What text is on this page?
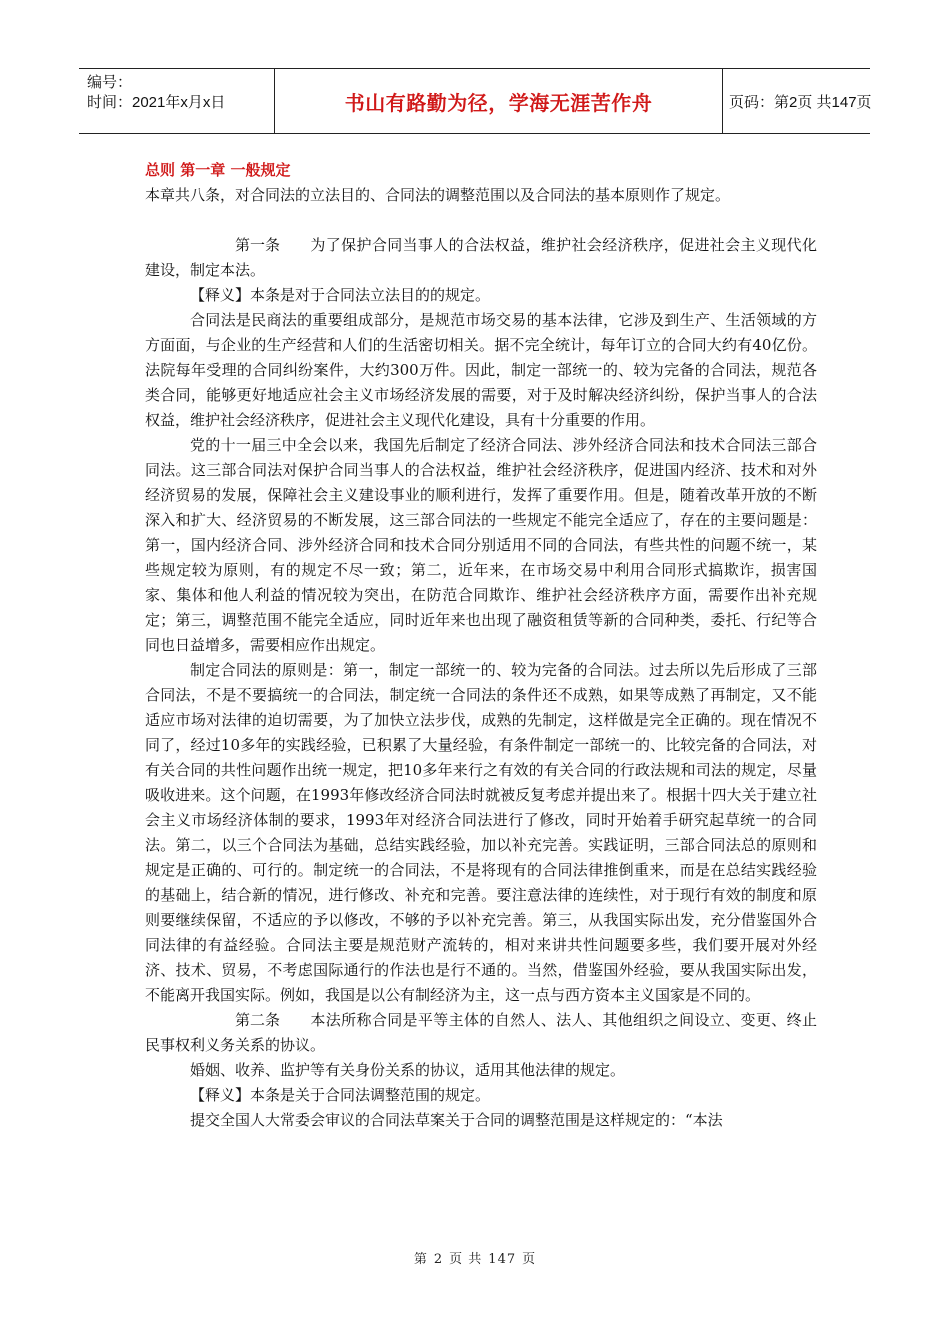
编号：
时间：2021年x月x日	书山有路勤为径，学海无涯苦作舟	页码：第2页 共147页

总则 第一章 一般规定

本章共八条，对合同法的立法目的、合同法的调整范围以及合同法的基本原则作了规定。

第一条 为了保护合同当事人的合法权益，维护社会经济秩序，促进社会主义现代化建设，制定本法。

【释义】本条是对于合同法立法目的的规定。

合同法是民商法的重要组成部分，是规范市场交易的基本法律，它涉及到生产、生活领域的方方面面，与企业的生产经营和人们的生活密切相关。据不完全统计，每年订立的合同大约有40亿份。法院每年受理的合同纠纷案件，大约300万件。因此，制定一部统一的、较为完备的合同法，规范各类合同，能够更好地适应社会主义市场经济发展的需要，对于及时解决经济纠纷，保护当事人的合法权益，维护社会经济秩序，促进社会主义现代化建设，具有十分重要的作用。

党的十一届三中全会以来，我国先后制定了经济合同法、涉外经济合同法和技术合同法三部合同法。这三部合同法对保护合同当事人的合法权益，维护社会经济秩序，促进国内经济、技术和对外经济贸易的发展，保障社会主义建设事业的顺利进行，发挥了重要作用。但是，随着改革开放的不断深入和扩大、经济贸易的不断发展，这三部合同法的一些规定不能完全适应了，存在的主要问题是：第一，国内经济合同、涉外经济合同和技术合同分别适用不同的合同法，有些共性的问题不统一，某些规定较为原则，有的规定不尽一致；第二，近年来，在市场交易中利用合同形式搞欺诈，损害国家、集体和他人利益的情况较为突出，在防范合同欺诈、维护社会经济秩序方面，需要作出补充规定；第三，调整范围不能完全适应，同时近年来也出现了融资租赁等新的合同种类，委托、行纪等合同也日益增多，需要相应作出规定。

制定合同法的原则是：第一，制定一部统一的、较为完备的合同法。过去所以先后形成了三部合同法，不是不要搞统一的合同法，制定统一合同法的条件还不成熟，如果等成熟了再制定，又不能适应市场对法律的迫切需要，为了加快立法步伐，成熟的先制定，这样做是完全正确的。现在情况不同了，经过10多年的实践经验，已积累了大量经验，有条件制定一部统一的、比较完备的合同法，对有关合同的共性问题作出统一规定，把10多年来行之有效的有关合同的行政法规和司法的规定，尽量吸收进来。这个问题，在1993年修改经济合同法时就被反复考虑并提出来了。根据十四大关于建立社会主义市场经济体制的要求，1993年对经济合同法进行了修改，同时开始着手研究起草统一的合同法。第二，以三个合同法为基础，总结实践经验，加以补充完善。实践证明，三部合同法总的原则和规定是正确的、可行的。制定统一的合同法，不是将现有的合同法律推倒重来，而是在总结实践经验的基础上，结合新的情况，进行修改、补充和完善。要注意法律的连续性，对于现行有效的制度和原则要继续保留，不适应的予以修改，不够的予以补充完善。第三，从我国实际出发，充分借鉴国外合同法律的有益经验。合同法主要是规范财产流转的，相对来讲共性问题要多些，我们要开展对外经济、技术、贸易，不考虑国际通行的作法也是行不通的。当然，借鉴国外经验，要从我国实际出发，不能离开我国实际。例如，我国是以公有制经济为主，这一点与西方资本主义国家是不同的。

第二条 本法所称合同是平等主体的自然人、法人、其他组织之间设立、变更、终止民事权利义务关系的协议。

婚姻、收养、监护等有关身份关系的协议，适用其他法律的规定。

【释义】本条是关于合同法调整范围的规定。

提交全国人大常委会审议的合同法草案关于合同的调整范围是这样规定的：“本法

第 2 页 共 147 页
